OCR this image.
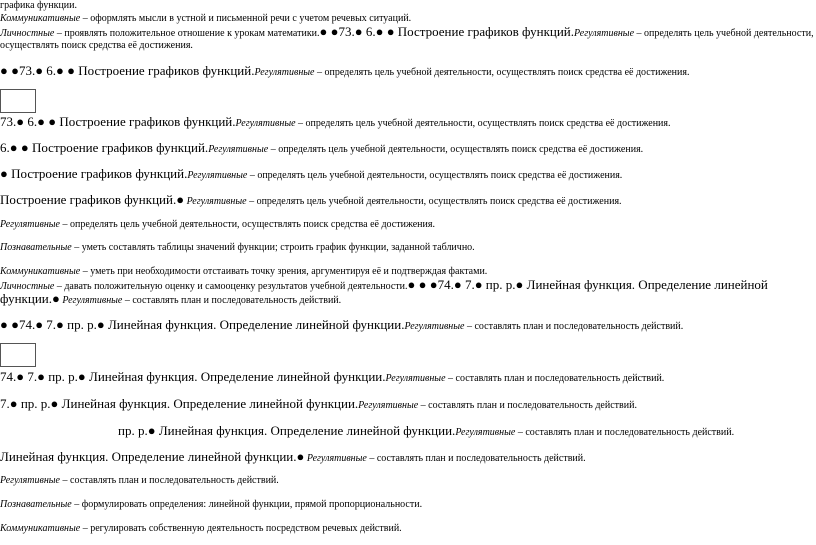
графика функции.
Коммуникативные – оформлять мысли в устной и письменной речи с учетом речевых ситуаций.
Личностные – проявлять положительное отношение к урокам математики.● ●73.● 6.● ● Построение графиков функций.Регулятивные – определять цель учебной деятельности,
осуществлять поиск средства её достижения.
● ●73.● 6.● ● Построение графиков функций.Регулятивные – определять цель учебной деятельности, осуществлять поиск средства её достижения.
73.● 6.● ● Построение графиков функций.Регулятивные – определять цель учебной деятельности, осуществлять поиск средства её достижения.
6.● ● Построение графиков функций.Регулятивные – определять цель учебной деятельности, осуществлять поиск средства её достижения.
● Построение графиков функций.Регулятивные – определять цель учебной деятельности, осуществлять поиск средства её достижения.
Построение графиков функций.● Регулятивные – определять цель учебной деятельности, осуществлять поиск средства её достижения.
Регулятивные – определять цель учебной деятельности, осуществлять поиск средства её достижения.
Познавательные – уметь составлять таблицы значений функции; строить график функции, заданной таблично.
Коммуникативные – уметь при необходимости отстаивать точку зрения, аргументируя её и подтверждая фактами.
Личностные – давать положительную оценку и самооценку результатов учебной деятельности.● ● ●74.● 7.● пр. р.● Линейная функция. Определение линейной
функции.● Регулятивные – составлять план и последовательность действий.
● ●74.● 7.● пр. р.● Линейная функция. Определение линейной функции.Регулятивные – составлять план и последовательность действий.
74.● 7.● пр. р.● Линейная функция. Определение линейной функции.Регулятивные – составлять план и последовательность действий.
7.● пр. р.● Линейная функция. Определение линейной функции.Регулятивные – составлять план и последовательность действий.
пр. р.● Линейная функция. Определение линейной функции.Регулятивные – составлять план и последовательность действий.
Линейная функция. Определение линейной функции.● Регулятивные – составлять план и последовательность действий.
Регулятивные – составлять план и последовательность действий.
Познавательные – формулировать определения: линейной функции, прямой пропорциональности.
Коммуникативные – регулировать собственную деятельность посредством речевых действий.
